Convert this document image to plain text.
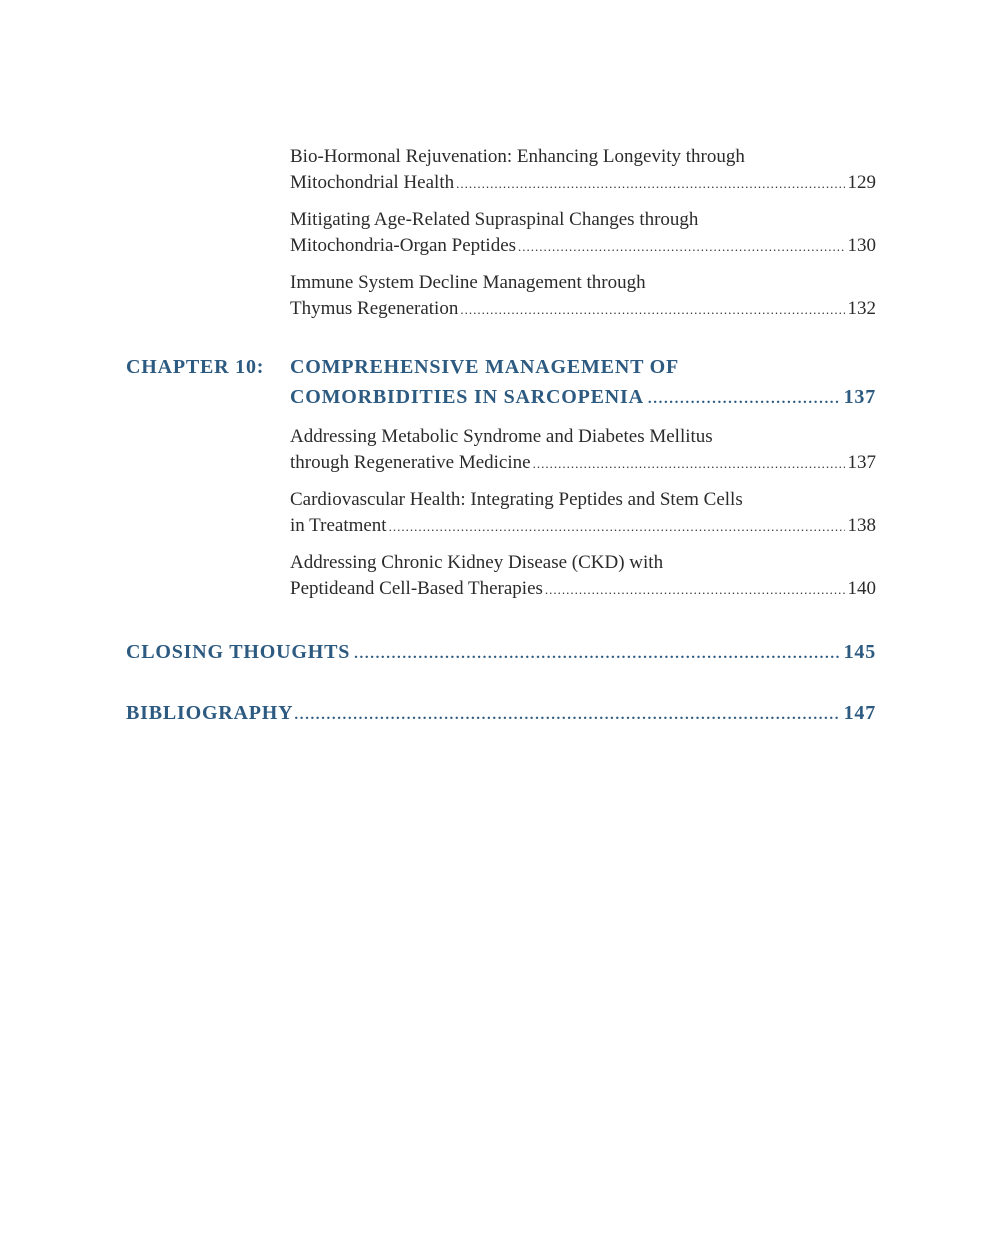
Bio-Hormonal Rejuvenation: Enhancing Longevity through
Mitochondrial Health .....	129
Mitigating Age-Related Supraspinal Changes through
Mitochondria-Organ Peptides .....	130
Immune System Decline Management through
Thymus Regeneration .....	132
CHAPTER 10: COMPREHENSIVE MANAGEMENT OF
COMORBIDITIES IN SARCOPENIA .....	137
Addressing Metabolic Syndrome and Diabetes Mellitus
through Regenerative Medicine .....	137
Cardiovascular Health: Integrating Peptides and Stem Cells
in Treatment .....	138
Addressing Chronic Kidney Disease (CKD) with
Peptideand Cell-Based Therapies .....	140
CLOSING THOUGHTS .....	145
BIBLIOGRAPHY .....	147
